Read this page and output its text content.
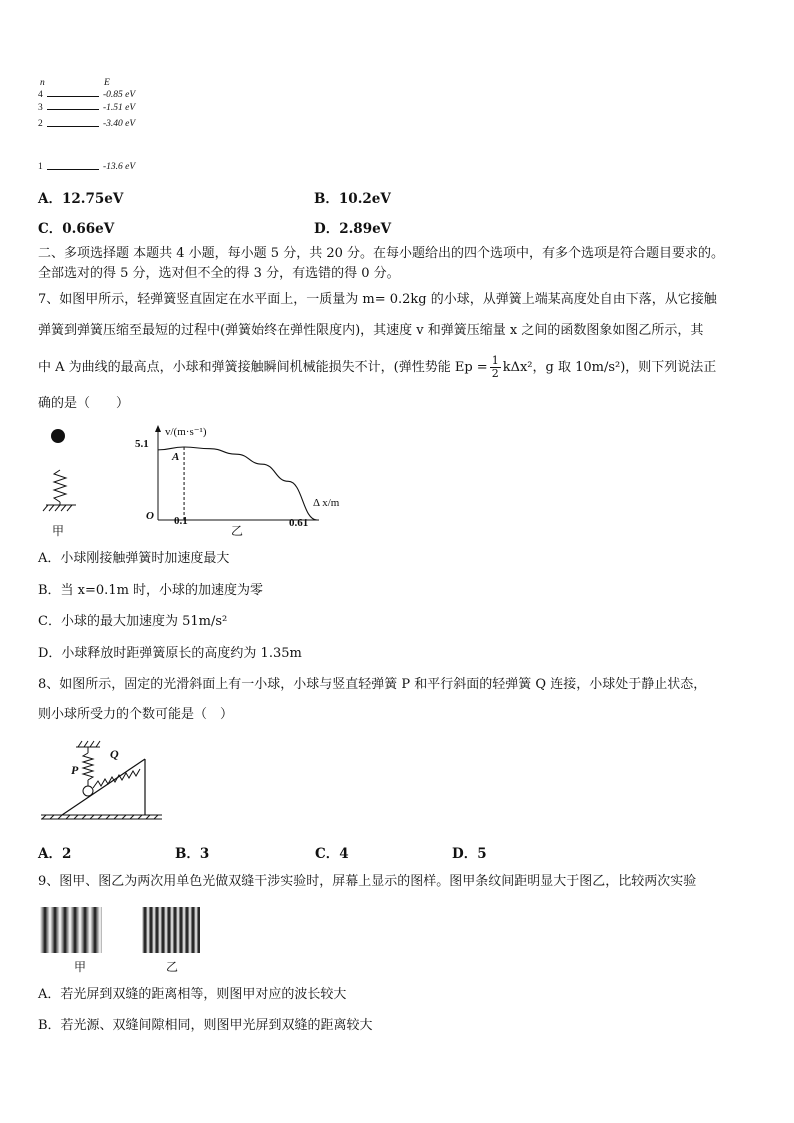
n	E
4	-0.85 eV
3	-1.51 eV
2	-3.40 eV
1	-13.6 eV
A．12.75eV	B．10.2eV
C．0.66eV	D．2.89eV
二、多项选择题 本题共 4 小题，每小题 5 分，共 20 分。在每小题给出的四个选项中，有多个选项是符合题目要求的。
全部选对的得 5 分，选对但不全的得 3 分，有选错的得 0 分。
7、如图甲所示，轻弹簧竖直固定在水平面上，一质量为 m= 0.2kg 的小球，从弹簧上端某高度处自由下落，从它接触
弹簧到弹簧压缩至最短的过程中(弹簧始终在弹性限度内)，其速度 v 和弹簧压缩量 x 之间的函数图象如图乙所示，其
中 A 为曲线的最高点，小球和弹簧接触瞬间机械能损失不计，(弹性势能 $Ep = \frac{1}{2} k\Delta x^2$，g 取 10m/s²)，则下列说法正
确的是（　　）
甲
5.1
v/(m·s⁻¹)
A
O 0.1	0.61
Δ x/m
乙
A．小球刚接触弹簧时加速度最大
B．当 x=0.1m 时，小球的加速度为零
C．小球的最大加速度为 51m/s²
D．小球释放时距弹簧原长的高度约为 1.35m
8、如图所示，固定的光滑斜面上有一小球，小球与竖直轻弹簧 P 和平行斜面的轻弹簧 Q 连接，小球处于静止状态，
则小球所受力的个数可能是（　）
P
Q
A．2	B．3	C．4	D．5
9、图甲、图乙为两次用单色光做双缝干涉实验时，屏幕上显示的图样。图甲条纹间距明显大于图乙，比较两次实验
甲	乙
A．若光屏到双缝的距离相等，则图甲对应的波长较大
B．若光源、双缝间隙相同，则图甲光屏到双缝的距离较大
